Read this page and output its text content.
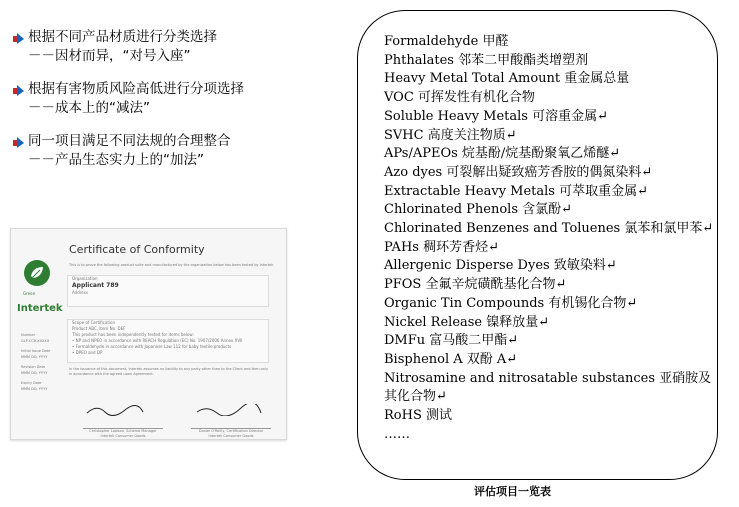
根据不同产品材质进行分类选择
－－因材而异，“对号入座”
根据有害物质风险高低进行分项选择
－－成本上的“减法”
同一项目满足不同法规的合理整合
－－产品生态实力上的“加法”
Green
Intertek
Number
GLP-CCR-XXXXX
Initial Issue Date
MMM DD, YYYY
Revision Date
MMM DD, YYYY
Expiry Date
MMM DD, YYYY
Certificate of Conformity
This is to prove the following product suite and manufactured by the organization below has been tested by Intertek
Organization
Applicant 789
Address
Scope of Certification
Product ABC, Item No. DEF
This product has been independently tested for items below:
• NP and NPEO in accordance with REACH Regulation (EC) No. 1907/2006 Annex XVII
• Formaldehyde in accordance with Japanese Law 112 for baby textile products
• DPEO and DP
In the issuance of this document, Intertek assumes no liability to any party other than to the Client and then only in accordance with the agreed upon Agreement.
Christopher Lawson, Scheme Manager
Intertek Consumer Goods
Daniel O'Reilly, Certification Director
Intertek Consumer Goods
Formaldehyde 甲醛
Phthalates 邻苯二甲酸酯类增塑剂
Heavy Metal Total Amount 重金属总量
VOC 可挥发性有机化合物
Soluble Heavy Metals 可溶重金属↵
SVHC 高度关注物质↵
APs/APEOs 烷基酚/烷基酚聚氧乙烯醚↵
Azo dyes 可裂解出疑致癌芳香胺的偶氮染料↵
Extractable Heavy Metals 可萃取重金属↵
Chlorinated Phenols 含氯酚↵
Chlorinated Benzenes and Toluenes 氯苯和氯甲苯↵
PAHs 稠环芳香烃↵
Allergenic Disperse Dyes 致敏染料↵
PFOS 全氟辛烷磺酰基化合物↵
Organic Tin Compounds 有机锡化合物↵
Nickel Release 镍释放量↵
DMFu 富马酸二甲酯↵
Bisphenol A 双酚 A↵
Nitrosamine and nitrosatable substances 亚硝胺及
其化合物↵
RoHS 测试
……
评估项目一览表
